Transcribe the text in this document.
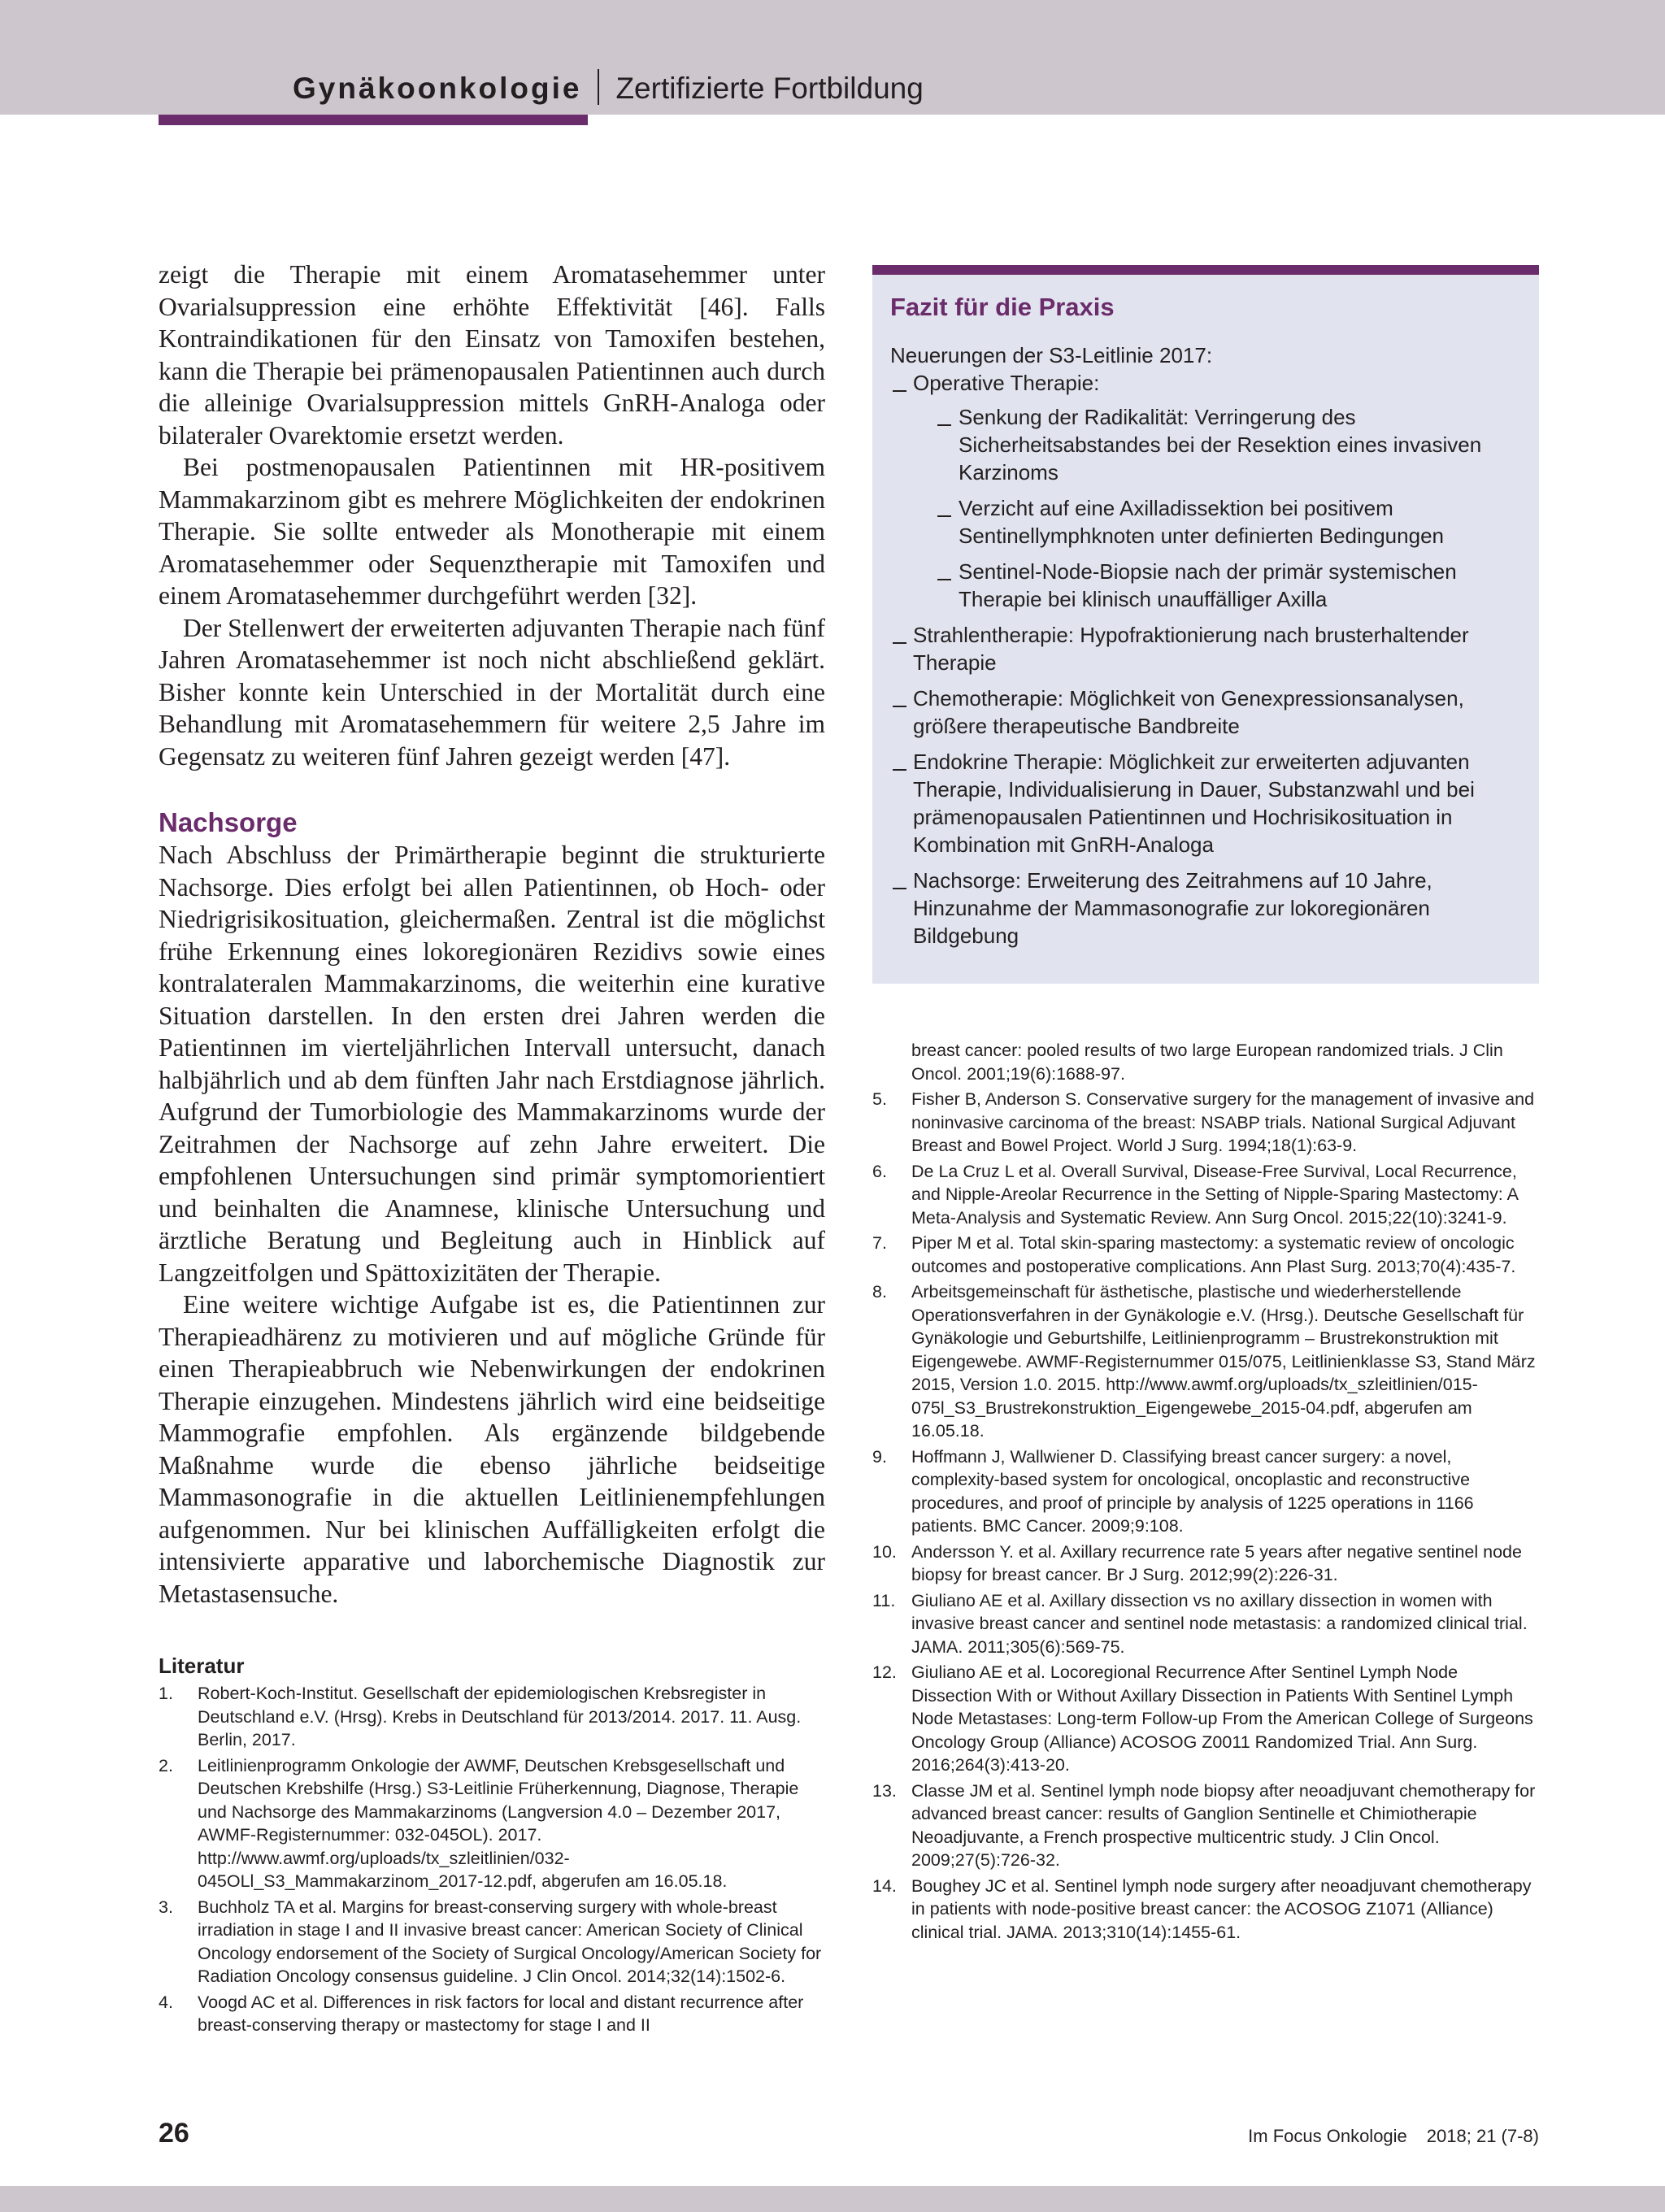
Gynäkoonkologie Zertifizierte Fortbildung

zeigt die Therapie mit einem Aromatasehemmer unter Ovarialsuppression eine erhöhte Effektivität [46]. Falls Kontraindikationen für den Einsatz von Tamoxifen bestehen, kann die Therapie bei prämenopausalen Patientinnen auch durch die alleinige Ovarialsuppression mittels GnRH-Analoga oder bilateraler Ovarektomie ersetzt werden.

Bei postmenopausalen Patientinnen mit HR-positivem Mammakarzinom gibt es mehrere Möglichkeiten der endokrinen Therapie. Sie sollte entweder als Monotherapie mit einem Aromatasehemmer oder Sequenztherapie mit Tamoxifen und einem Aromatasehemmer durchgeführt werden [32].

Der Stellenwert der erweiterten adjuvanten Therapie nach fünf Jahren Aromatasehemmer ist noch nicht abschließend geklärt. Bisher konnte kein Unterschied in der Mortalität durch eine Behandlung mit Aromatasehemmern für weitere 2,5 Jahre im Gegensatz zu weiteren fünf Jahren gezeigt werden [47].

Nachsorge

Nach Abschluss der Primärtherapie beginnt die strukturierte Nachsorge. Dies erfolgt bei allen Patientinnen, ob Hoch- oder Niedrigrisikosituation, gleichermaßen. Zentral ist die möglichst frühe Erkennung eines lokoregionären Rezidivs sowie eines kontralateralen Mammakarzinoms, die weiterhin eine kurative Situation darstellen. In den ersten drei Jahren werden die Patientinnen im vierteljährlichen Intervall untersucht, danach halbjährlich und ab dem fünften Jahr nach Erstdiagnose jährlich. Aufgrund der Tumorbiologie des Mammakarzinoms wurde der Zeitrahmen der Nachsorge auf zehn Jahre erweitert. Die empfohlenen Untersuchungen sind primär symptomorientiert und beinhalten die Anamnese, klinische Untersuchung und ärztliche Beratung und Begleitung auch in Hinblick auf Langzeitfolgen und Spättoxizitäten der Therapie.

Eine weitere wichtige Aufgabe ist es, die Patientinnen zur Therapieadhärenz zu motivieren und auf mögliche Gründe für einen Therapieabbruch wie Nebenwirkungen der endokrinen Therapie einzugehen. Mindestens jährlich wird eine beidseitige Mammografie empfohlen. Als ergänzende bildgebende Maßnahme wurde die ebenso jährliche beidseitige Mammasonografie in die aktuellen Leitlinienempfehlungen aufgenommen. Nur bei klinischen Auffälligkeiten erfolgt die intensivierte apparative und laborchemische Diagnostik zur Metastasensuche.

Literatur
1. Robert-Koch-Institut. Gesellschaft der epidemiologischen Krebsregister in Deutschland e.V. (Hrsg). Krebs in Deutschland für 2013/2014. 2017. 11. Ausg. Berlin, 2017.
2. Leitlinienprogramm Onkologie der AWMF, Deutschen Krebsgesellschaft und Deutschen Krebshilfe (Hrsg.) S3-Leitlinie Früherkennung, Diagnose, Therapie und Nachsorge des Mammakarzinoms (Langversion 4.0 – Dezember 2017, AWMF-Registernummer: 032-045OL). 2017. http://www.awmf.org/uploads/tx_szleitlinien/032-045OLl_S3_Mammakarzinom_2017-12.pdf, abgerufen am 16.05.18.
3. Buchholz TA et al. Margins for breast-conserving surgery with whole-breast irradiation in stage I and II invasive breast cancer: American Society of Clinical Oncology endorsement of the Society of Surgical Oncology/American Society for Radiation Oncology consensus guideline. J Clin Oncol. 2014;32(14):1502-6.
4. Voogd AC et al. Differences in risk factors for local and distant recurrence after breast-conserving therapy or mastectomy for stage I and II
Fazit für die Praxis
Neuerungen der S3-Leitlinie 2017:
Operative Therapie:
Senkung der Radikalität: Verringerung des Sicherheitsabstandes bei der Resektion eines invasiven Karzinoms
Verzicht auf eine Axilladissektion bei positivem Sentinellymphknoten unter definierten Bedingungen
Sentinel-Node-Biopsie nach der primär systemischen Therapie bei klinisch unauffälliger Axilla
Strahlentherapie: Hypofraktionierung nach brusterhaltender Therapie
Chemotherapie: Möglichkeit von Genexpressionsanalysen, größere therapeutische Bandbreite
Endokrine Therapie: Möglichkeit zur erweiterten adjuvanten Therapie, Individualisierung in Dauer, Substanzwahl und bei prämenopausalen Patientinnen und Hochrisikosituation in Kombination mit GnRH-Analoga
Nachsorge: Erweiterung des Zeitrahmens auf 10 Jahre, Hinzunahme der Mammasonografie zur lokoregionären Bildgebung
breast cancer: pooled results of two large European randomized trials. J Clin Oncol. 2001;19(6):1688-97.
5. Fisher B, Anderson S. Conservative surgery for the management of invasive and noninvasive carcinoma of the breast: NSABP trials. National Surgical Adjuvant Breast and Bowel Project. World J Surg. 1994;18(1):63-9.
6. De La Cruz L et al. Overall Survival, Disease-Free Survival, Local Recurrence, and Nipple-Areolar Recurrence in the Setting of Nipple-Sparing Mastectomy: A Meta-Analysis and Systematic Review. Ann Surg Oncol. 2015;22(10):3241-9.
7. Piper M et al. Total skin-sparing mastectomy: a systematic review of oncologic outcomes and postoperative complications. Ann Plast Surg. 2013;70(4):435-7.
8. Arbeitsgemeinschaft für ästhetische, plastische und wiederherstellende Operationsverfahren in der Gynäkologie e.V. (Hrsg.). Deutsche Gesellschaft für Gynäkologie und Geburtshilfe, Leitlinienprogramm – Brustrekonstruktion mit Eigengewebe. AWMF-Registernummer 015/075, Leitlinienklasse S3, Stand März 2015, Version 1.0. 2015. http://www.awmf.org/uploads/tx_szleitlinien/015-075l_S3_Brustrekonstruktion_Eigengewebe_2015-04.pdf, abgerufen am 16.05.18.
9. Hoffmann J, Wallwiener D. Classifying breast cancer surgery: a novel, complexity-based system for oncological, oncoplastic and reconstructive procedures, and proof of principle by analysis of 1225 operations in 1166 patients. BMC Cancer. 2009;9:108.
10. Andersson Y. et al. Axillary recurrence rate 5 years after negative sentinel node biopsy for breast cancer. Br J Surg. 2012;99(2):226-31.
11. Giuliano AE et al. Axillary dissection vs no axillary dissection in women with invasive breast cancer and sentinel node metastasis: a randomized clinical trial. JAMA. 2011;305(6):569-75.
12. Giuliano AE et al. Locoregional Recurrence After Sentinel Lymph Node Dissection With or Without Axillary Dissection in Patients With Sentinel Lymph Node Metastases: Long-term Follow-up From the American College of Surgeons Oncology Group (Alliance) ACOSOG Z0011 Randomized Trial. Ann Surg. 2016;264(3):413-20.
13. Classe JM et al. Sentinel lymph node biopsy after neoadjuvant chemotherapy for advanced breast cancer: results of Ganglion Sentinelle et Chimiotherapie Neoadjuvante, a French prospective multicentric study. J Clin Oncol. 2009;27(5):726-32.
14. Boughey JC et al. Sentinel lymph node surgery after neoadjuvant chemotherapy in patients with node-positive breast cancer: the ACOSOG Z1071 (Alliance) clinical trial. JAMA. 2013;310(14):1455-61.
26	Im Focus Onkologie 2018; 21 (7-8)
